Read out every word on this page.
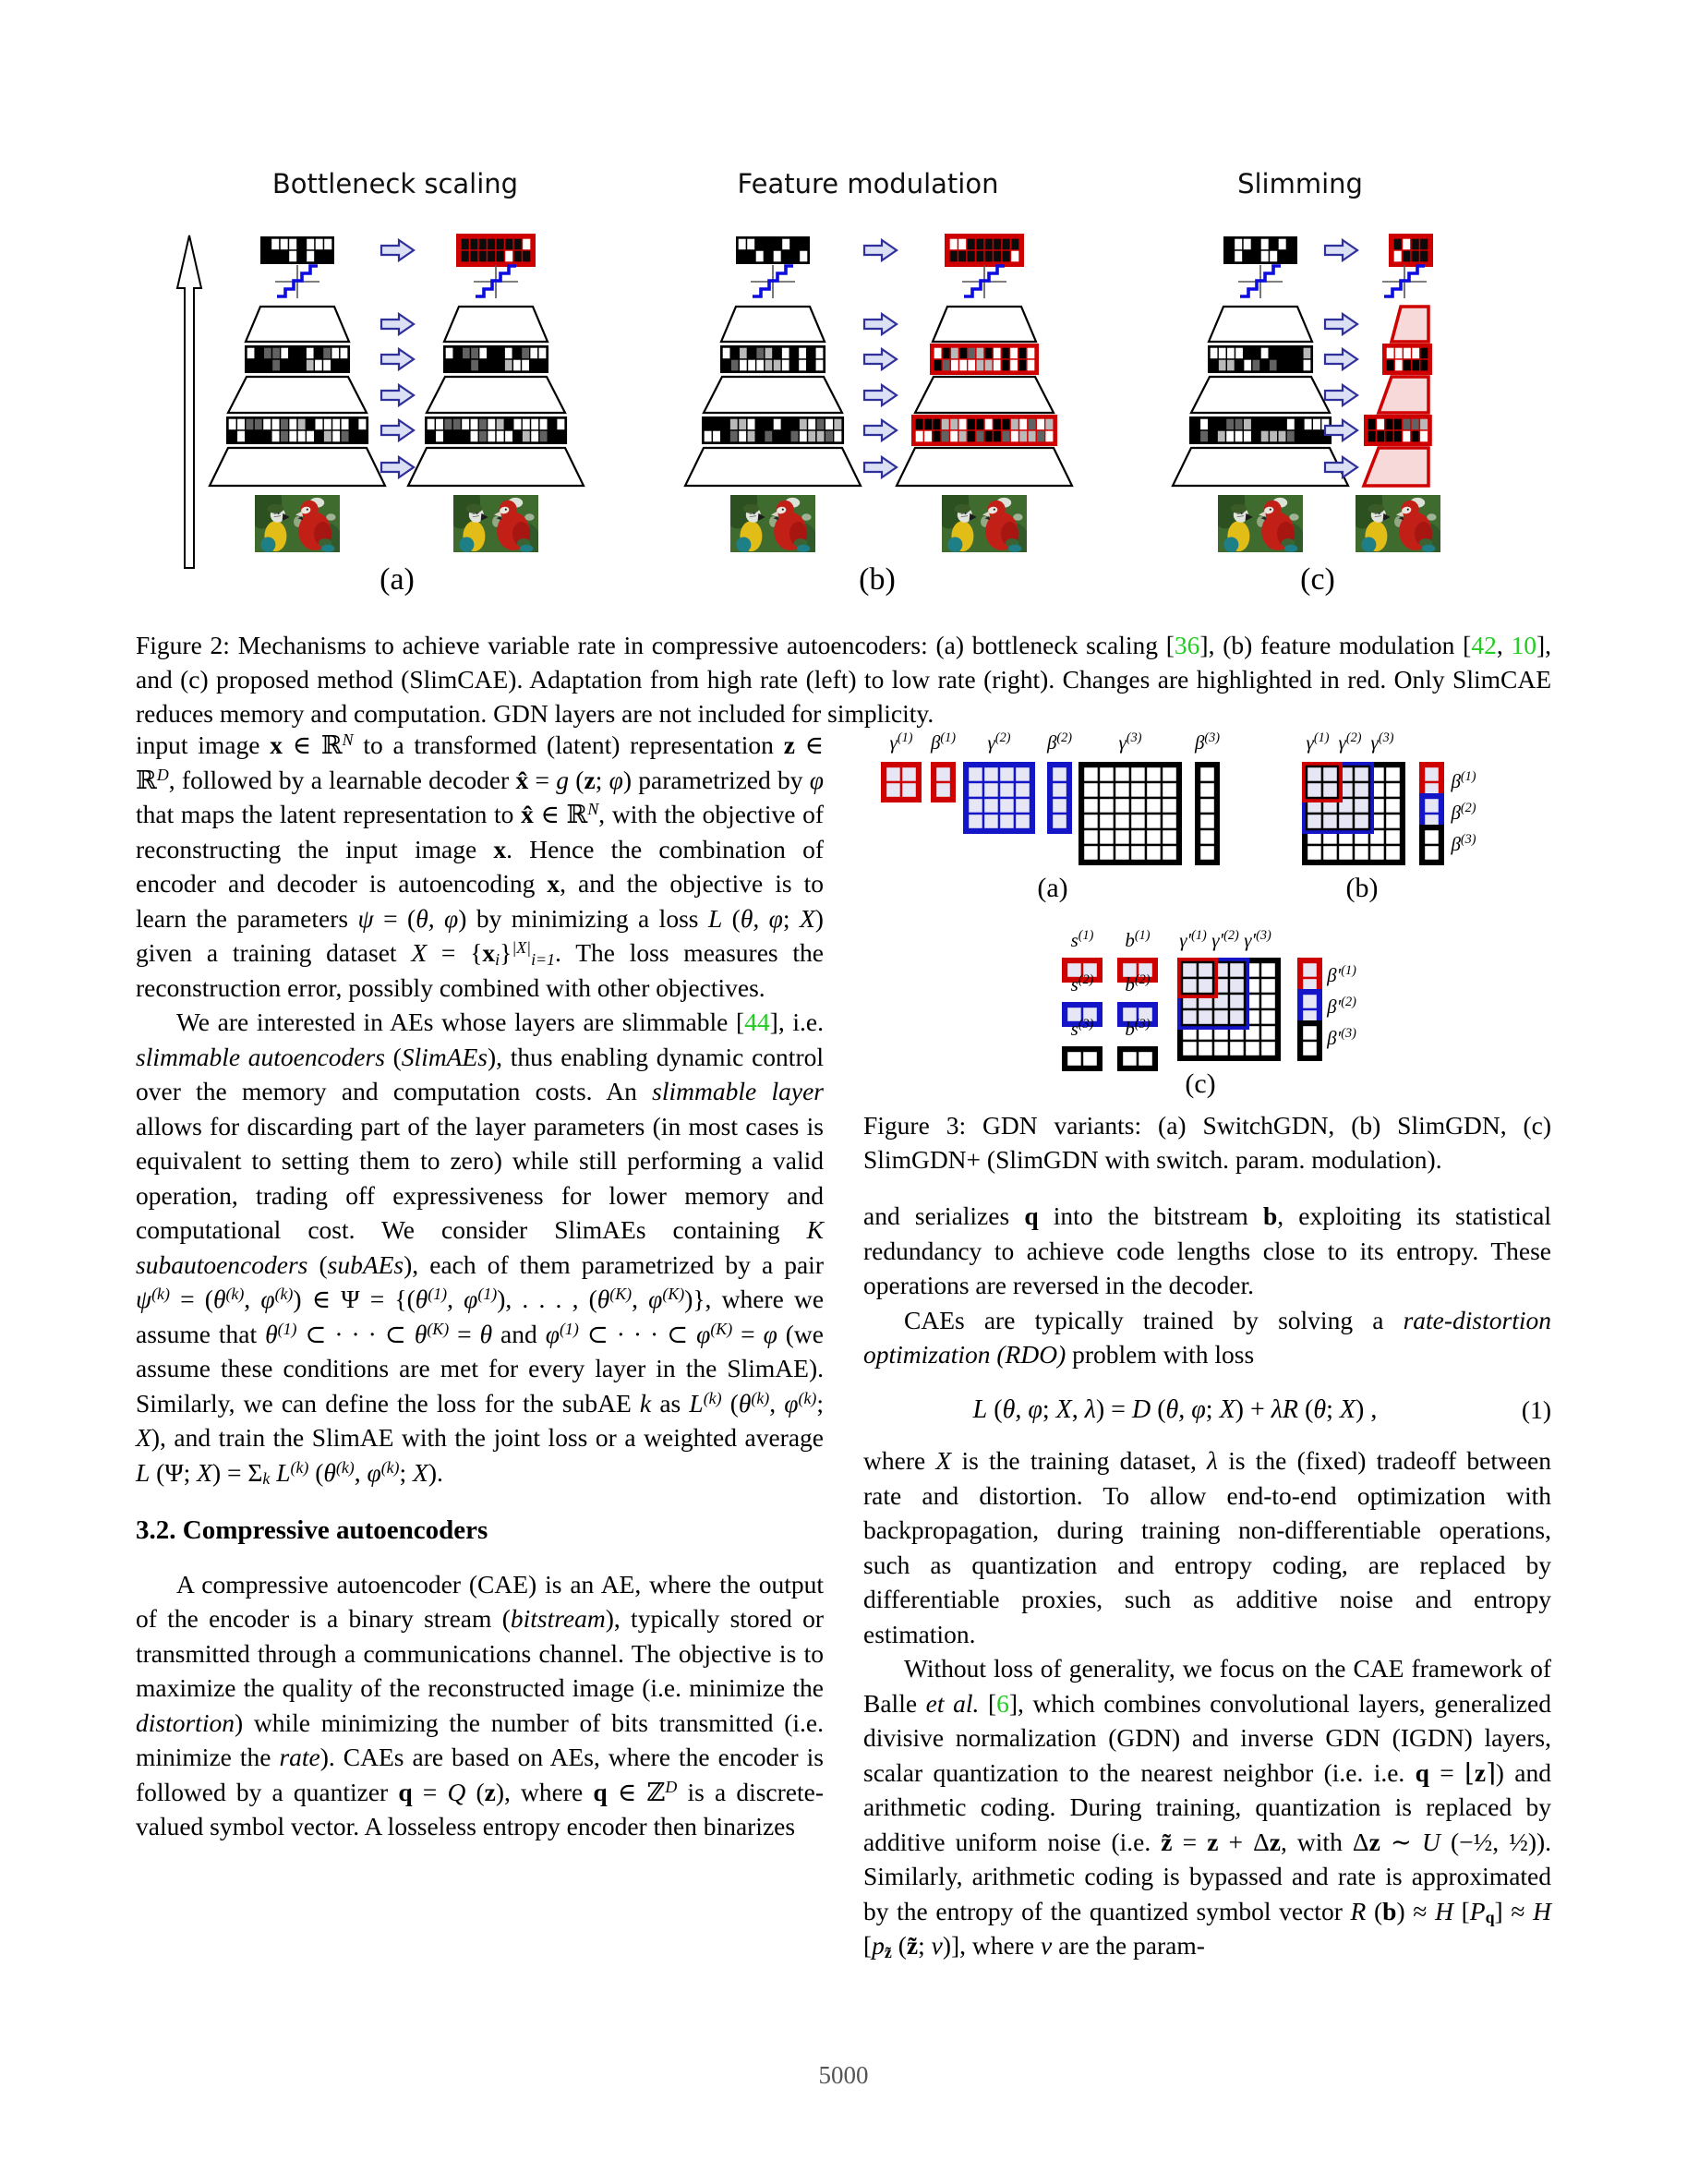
Bottleneck scaling	Feature modulation	Slimming
(a)	(b)	(c)

Figure 2: Mechanisms to achieve variable rate in compressive autoencoders: (a) bottleneck scaling [36], (b) feature modulation [42, 10], and (c) proposed method (SlimCAE). Adaptation from high rate (left) to low rate (right). Changes are highlighted in red. Only SlimCAE reduces memory and computation. GDN layers are not included for simplicity.

input image x ∈ ℝ$^N$ to a transformed (latent) representation z ∈ ℝ$^D$, followed by a learnable decoder x̂ = g (z; φ) parametrized by φ that maps the latent representation to x̂ ∈ ℝ$^N$, with the objective of reconstructing the input image x. Hence the combination of encoder and decoder is autoencoding x, and the objective is to learn the parameters ψ = (θ, φ) by minimizing a loss L (θ, φ; X) given a training dataset $X = \{x_i\}^{|X|}_{i=1}$. The loss measures the reconstruction error, possibly combined with other objectives.

We are interested in AEs whose layers are slimmable [44], i.e. slimmable autoencoders (SlimAEs), thus enabling dynamic control over the memory and computation costs. An slimmable layer allows for discarding part of the layer parameters (in most cases is equivalent to setting them to zero) while still performing a valid operation, trading off expressiveness for lower memory and computational cost. We consider SlimAEs containing K subautoencoders (subAEs), each of them parametrized by a pair $\psi^{(k)} = (\theta^{(k)}$, $\varphi^{(k)}$) ∈ $\Psi = \{(\theta^{(1)}$, $\varphi^{(1)}$), . . . , ($\theta^{(K)}$, $\varphi^{(K)}$)}, where we assume that $\theta^{(1)}$ ⊂ · · · ⊂ $\theta^{(K)} = \theta$ and $\varphi^{(1)}$ ⊂ · · · ⊂ $\varphi^{(K)} = \varphi$ (we assume these conditions are met for every layer in the SlimAE). Similarly, we can define the loss for the subAE k as $L^{(k)}$ ($\theta^{(k)}$, $\varphi^{(k)}$; X), and train the SlimAE with the joint loss or a weighted average L (Ψ; $X) = \Sigma_k$ $L^{(k)}$ ($\theta^{(k)}$, $\varphi^{(k)}$; X).

3.2. Compressive autoencoders

A compressive autoencoder (CAE) is an AE, where the output of the encoder is a binary stream (bitstream), typically stored or transmitted through a communications channel. The objective is to maximize the quality of the reconstructed image (i.e. minimize the distortion) while minimizing the number of bits transmitted (i.e. minimize the rate). CAEs are based on AEs, where the encoder is followed by a quantizer q = Q (z), where q ∈ ℤ$^D$ is a discrete-valued symbol vector. A losseless entropy encoder then binarizes

$\gamma^{(1)}$ $\beta^{(1)}$ $\gamma^{(2)}$ $\beta^{(2)}$ $\gamma^{(3)}$	$\beta^{(3)}$
(a)
$\gamma^{(1)}$ $\gamma^{(2)}$ $\gamma^{(3)}$
$\beta^{(1)}$
$\beta^{(2)}$
$\beta^{(3)}$
(b)
$s^{(1)}$ $b^{(1)}$
$s^{(2)}$ $b^{(2)}$
$s^{(3)}$ $b^{(3)}$
$\gamma'^{(1)}$ $\gamma'^{(2)}$ $\gamma'^{(3)}$
$\beta'^{(1)}$
$\beta'^{(2)}$
$\beta'^{(3)}$
(c)

Figure 3: GDN variants: (a) SwitchGDN, (b) SlimGDN, (c) SlimGDN+ (SlimGDN with switch. param. modulation).

and serializes q into the bitstream b, exploiting its statistical redundancy to achieve code lengths close to its entropy. These operations are reversed in the decoder.

CAEs are typically trained by solving a rate-distortion optimization (RDO) problem with loss

L (θ, φ; X, λ) = D (θ, φ; X) + λR (θ; X) ,	(1)

where X is the training dataset, λ is the (fixed) tradeoff between rate and distortion. To allow end-to-end optimization with backpropagation, during training non-differentiable operations, such as quantization and entropy coding, are replaced by differentiable proxies, such as additive noise and entropy estimation.

Without loss of generality, we focus on the CAE framework of Balle et al. [6], which combines convolutional layers, generalized divisive normalization (GDN) and inverse GDN (IGDN) layers, scalar quantization to the nearest neighbor (i.e. i.e. q = ⌊z⌉) and arithmetic coding. During training, quantization is replaced by additive uniform noise (i.e. z̃ = z + Δz, with Δz ∼ U (−½, ½)). Similarly, arithmetic coding is bypassed and rate is approximated by the entropy of the quantized symbol vector R (b) ≈ H $[P_q] \approx H$ [$p_{z̃}$ (z̃; ν)], where ν are the param-

5000
